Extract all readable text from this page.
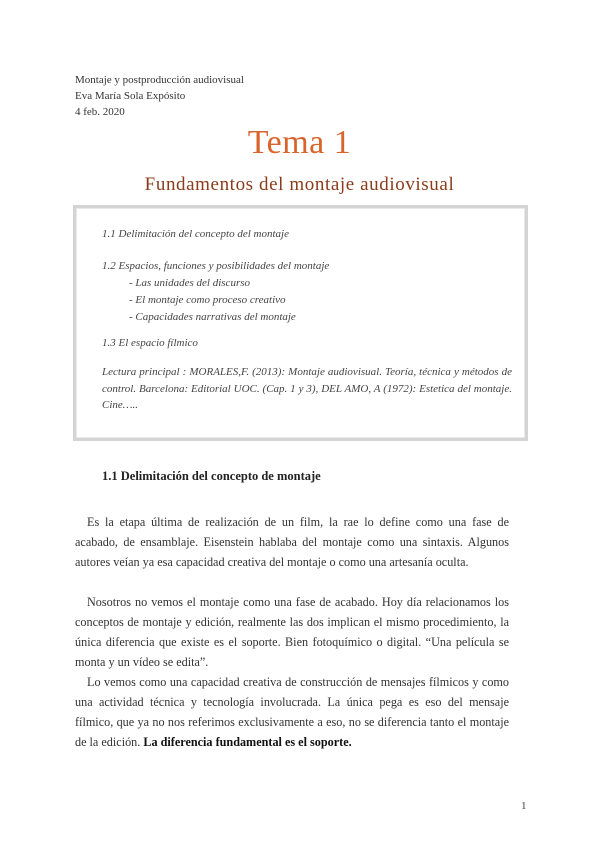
Montaje y postproducción audiovisual
Eva María Sola Expósito
4 feb. 2020
Tema 1
Fundamentos del montaje audiovisual
1.1 Delimitación del concepto del montaje
1.2 Espacios, funciones y posibilidades del montaje
- Las unidades del discurso
- El montaje como proceso creativo
- Capacidades narrativas del montaje
1.3 El espacio fílmico
Lectura principal : MORALES,F. (2013): Montaje audiovisual. Teoría, técnica y métodos de control. Barcelona: Editorial UOC. (Cap. 1 y 3), DEL AMO, A (1972): Estetica del montaje. Cine…..
1.1 Delimitación del concepto de montaje
Es la etapa última de realización de un film, la rae lo define como una fase de acabado, de ensamblaje. Eisenstein hablaba del montaje como una sintaxis. Algunos autores veían ya esa capacidad creativa del montaje o como una artesanía oculta.
Nosotros no vemos el montaje como una fase de acabado. Hoy día relacionamos los conceptos de montaje y edición, realmente las dos implican el mismo procedimiento, la única diferencia que existe es el soporte. Bien fotoquímico o digital. “Una película se monta y un vídeo se edita”.
Lo vemos como una capacidad creativa de construcción de mensajes fílmicos y como una actividad técnica y tecnología involucrada. La única pega es eso del mensaje fílmico, que ya no nos referimos exclusivamente a eso, no se diferencia tanto el montaje de la edición. La diferencia fundamental es el soporte.
1
